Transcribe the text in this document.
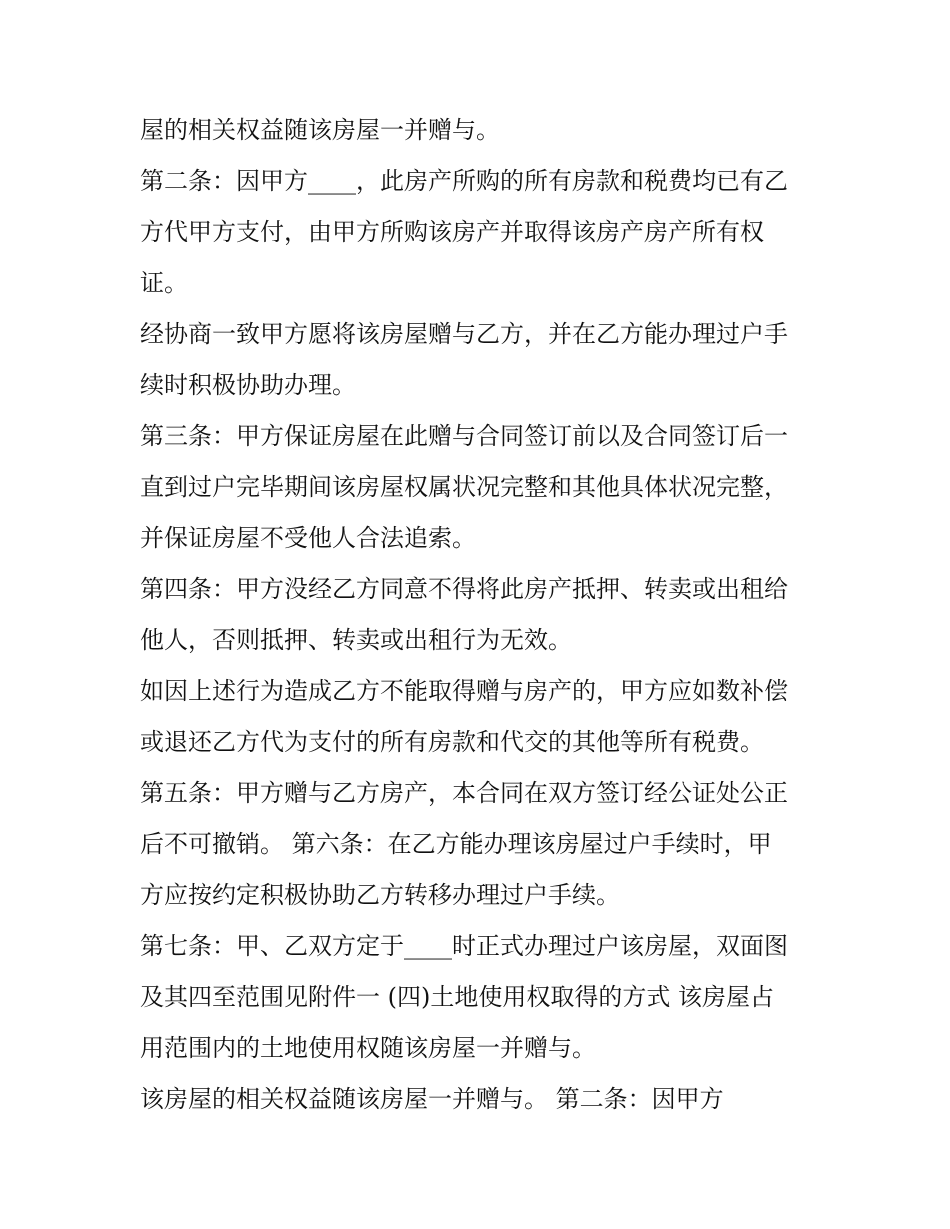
屋的相关权益随该房屋一并赠与。
第二条：因甲方____，此房产所购的所有房款和税费均已有乙
方代甲方支付，由甲方所购该房产并取得该房产房产所有权
证。
经协商一致甲方愿将该房屋赠与乙方，并在乙方能办理过户手
续时积极协助办理。
第三条：甲方保证房屋在此赠与合同签订前以及合同签订后一
直到过户完毕期间该房屋权属状况完整和其他具体状况完整，
并保证房屋不受他人合法追索。
第四条：甲方没经乙方同意不得将此房产抵押、转卖或出租给
他人，否则抵押、转卖或出租行为无效。
如因上述行为造成乙方不能取得赠与房产的，甲方应如数补偿
或退还乙方代为支付的所有房款和代交的其他等所有税费。
第五条：甲方赠与乙方房产，本合同在双方签订经公证处公正
后不可撤销。 第六条：在乙方能办理该房屋过户手续时，甲
方应按约定积极协助乙方转移办理过户手续。
第七条：甲、乙双方定于____时正式办理过户该房屋，双面图
及其四至范围见附件一 (四)土地使用权取得的方式 该房屋占
用范围内的土地使用权随该房屋一并赠与。
该房屋的相关权益随该房屋一并赠与。 第二条：因甲方
